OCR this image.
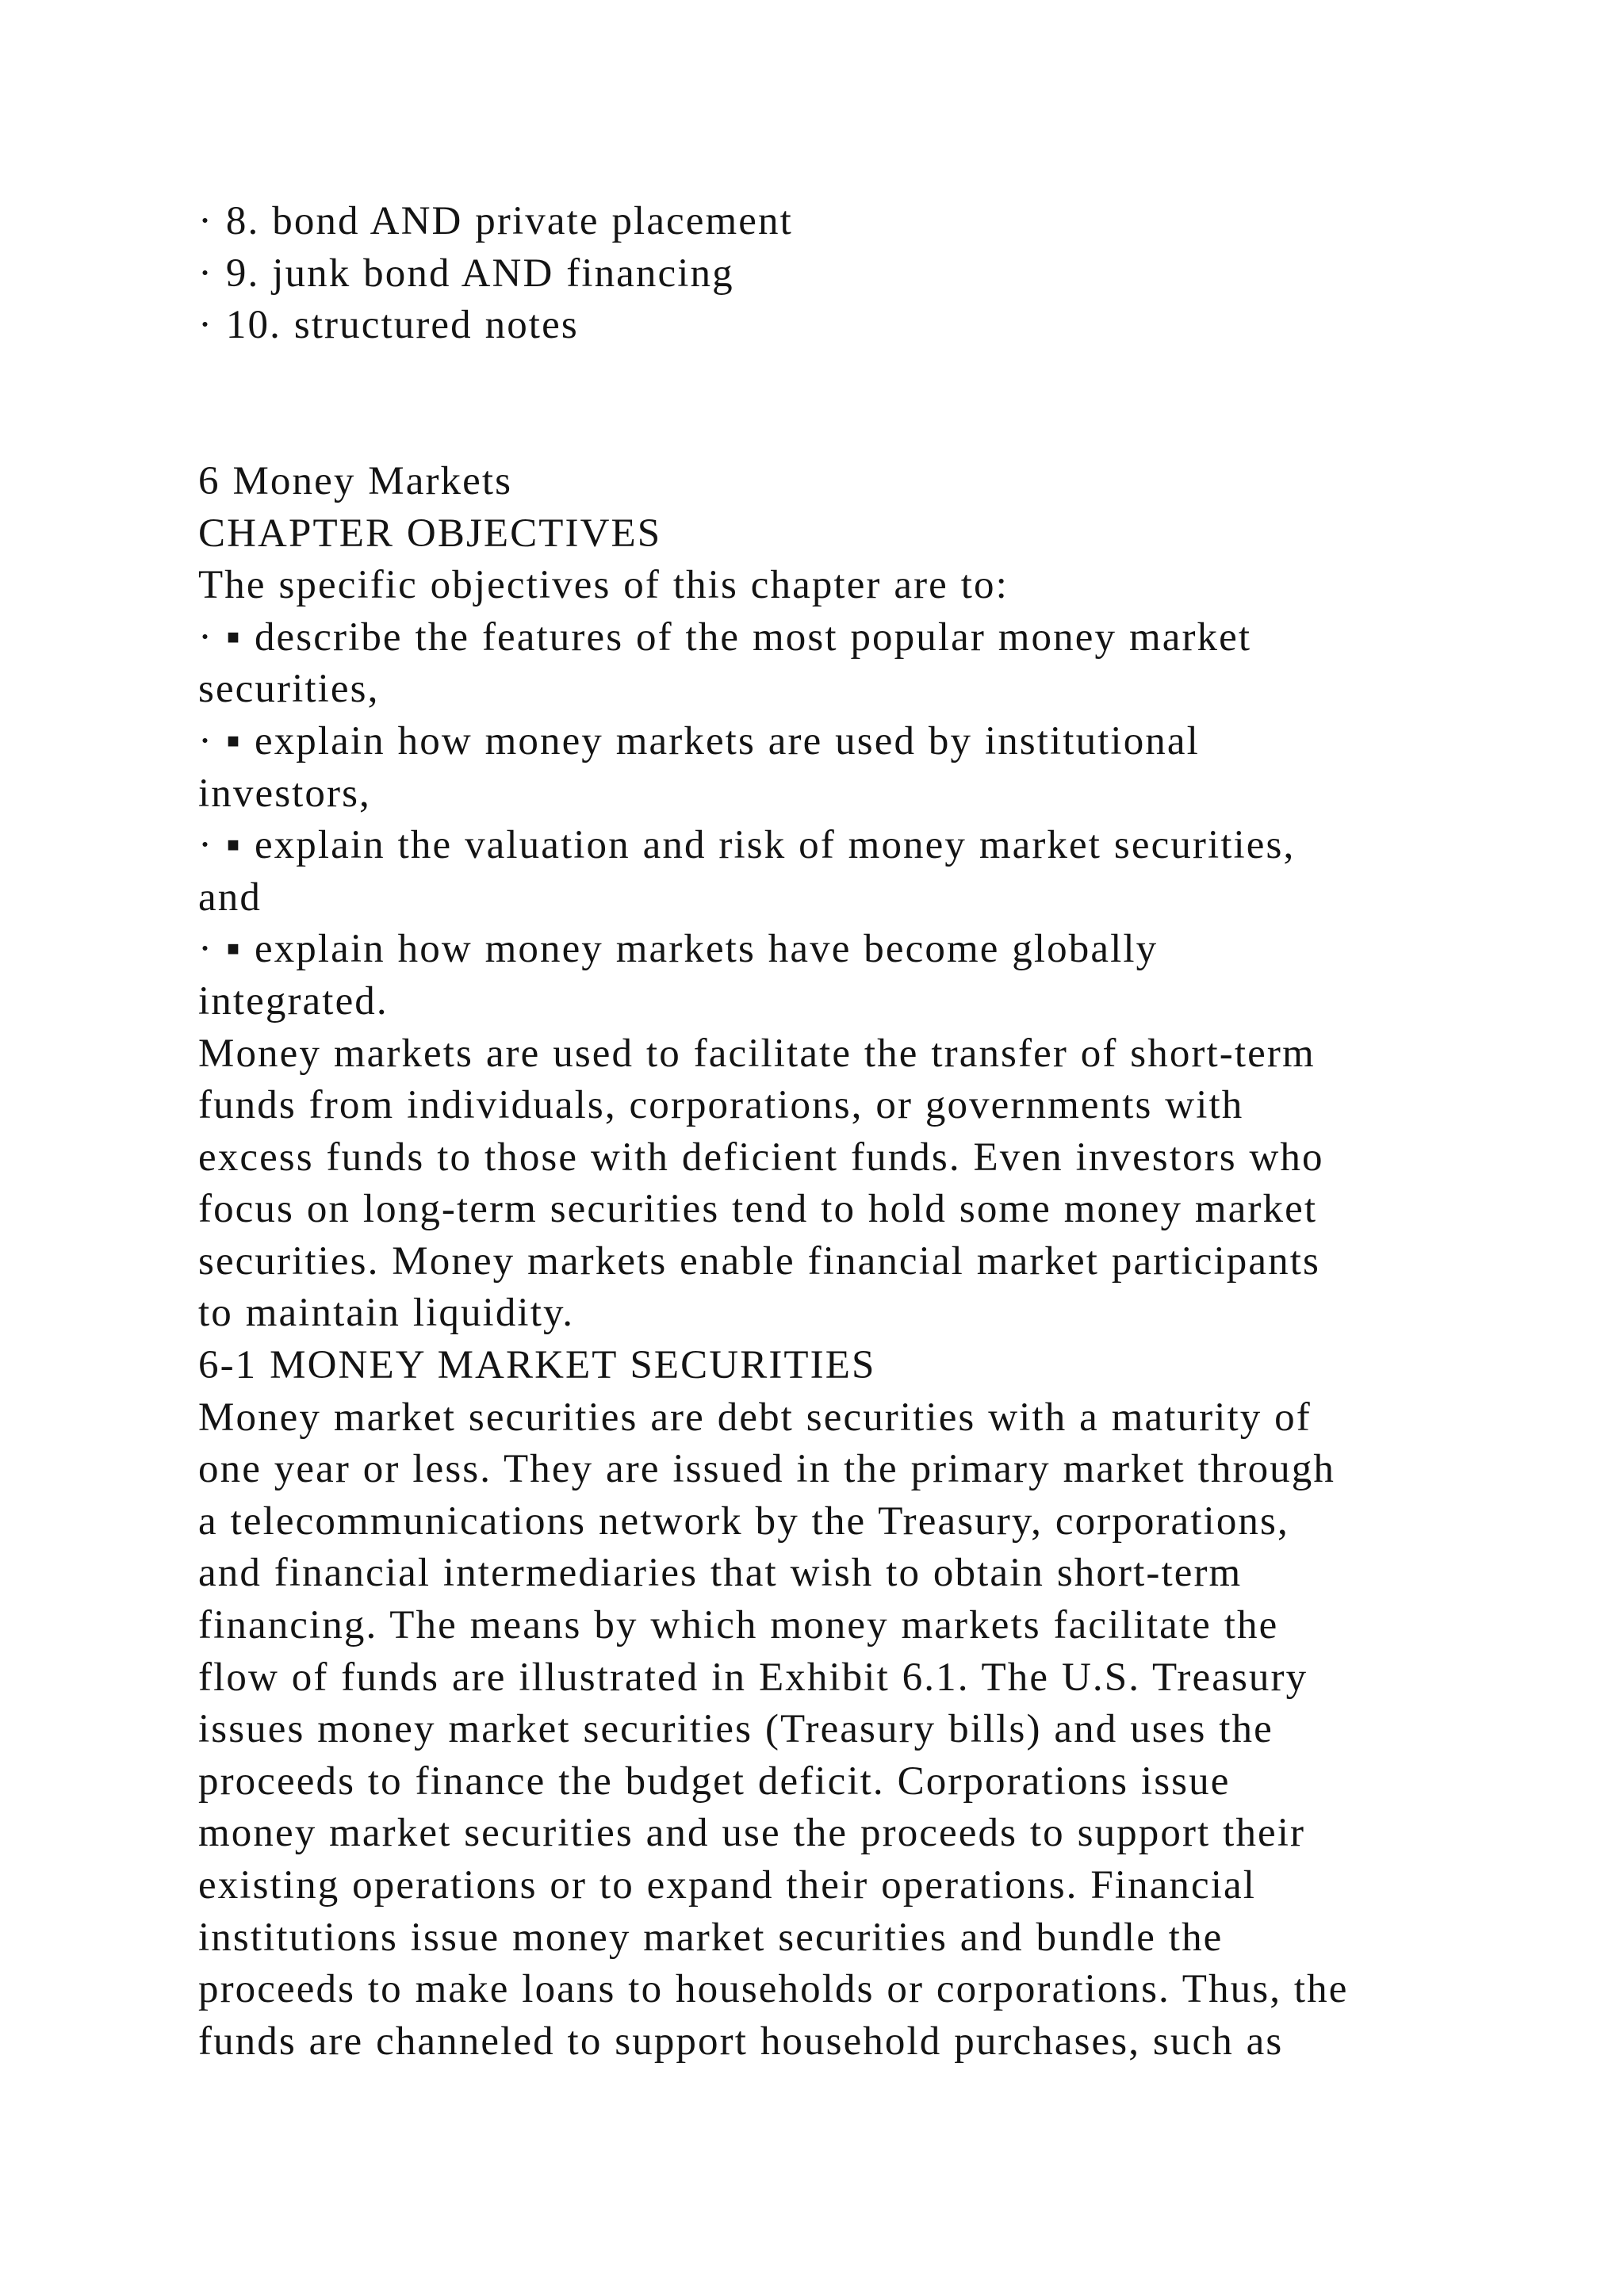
· 8. bond AND private placement
· 9. junk bond AND financing
· 10. structured notes
6 Money Markets
CHAPTER OBJECTIVES
The specific objectives of this chapter are to:
· ▪ describe the features of the most popular money market
securities,
· ▪ explain how money markets are used by institutional
investors,
· ▪ explain the valuation and risk of money market securities,
and
· ▪ explain how money markets have become globally
integrated.
Money markets are used to facilitate the transfer of short-term
funds from individuals, corporations, or governments with
excess funds to those with deficient funds. Even investors who
focus on long-term securities tend to hold some money market
securities. Money markets enable financial market participants
to maintain liquidity.
6-1 MONEY MARKET SECURITIES
Money market securities are debt securities with a maturity of
one year or less. They are issued in the primary market through
a telecommunications network by the Treasury, corporations,
and financial intermediaries that wish to obtain short-term
financing. The means by which money markets facilitate the
flow of funds are illustrated in Exhibit 6.1. The U.S. Treasury
issues money market securities (Treasury bills) and uses the
proceeds to finance the budget deficit. Corporations issue
money market securities and use the proceeds to support their
existing operations or to expand their operations. Financial
institutions issue money market securities and bundle the
proceeds to make loans to households or corporations. Thus, the
funds are channeled to support household purchases, such as
